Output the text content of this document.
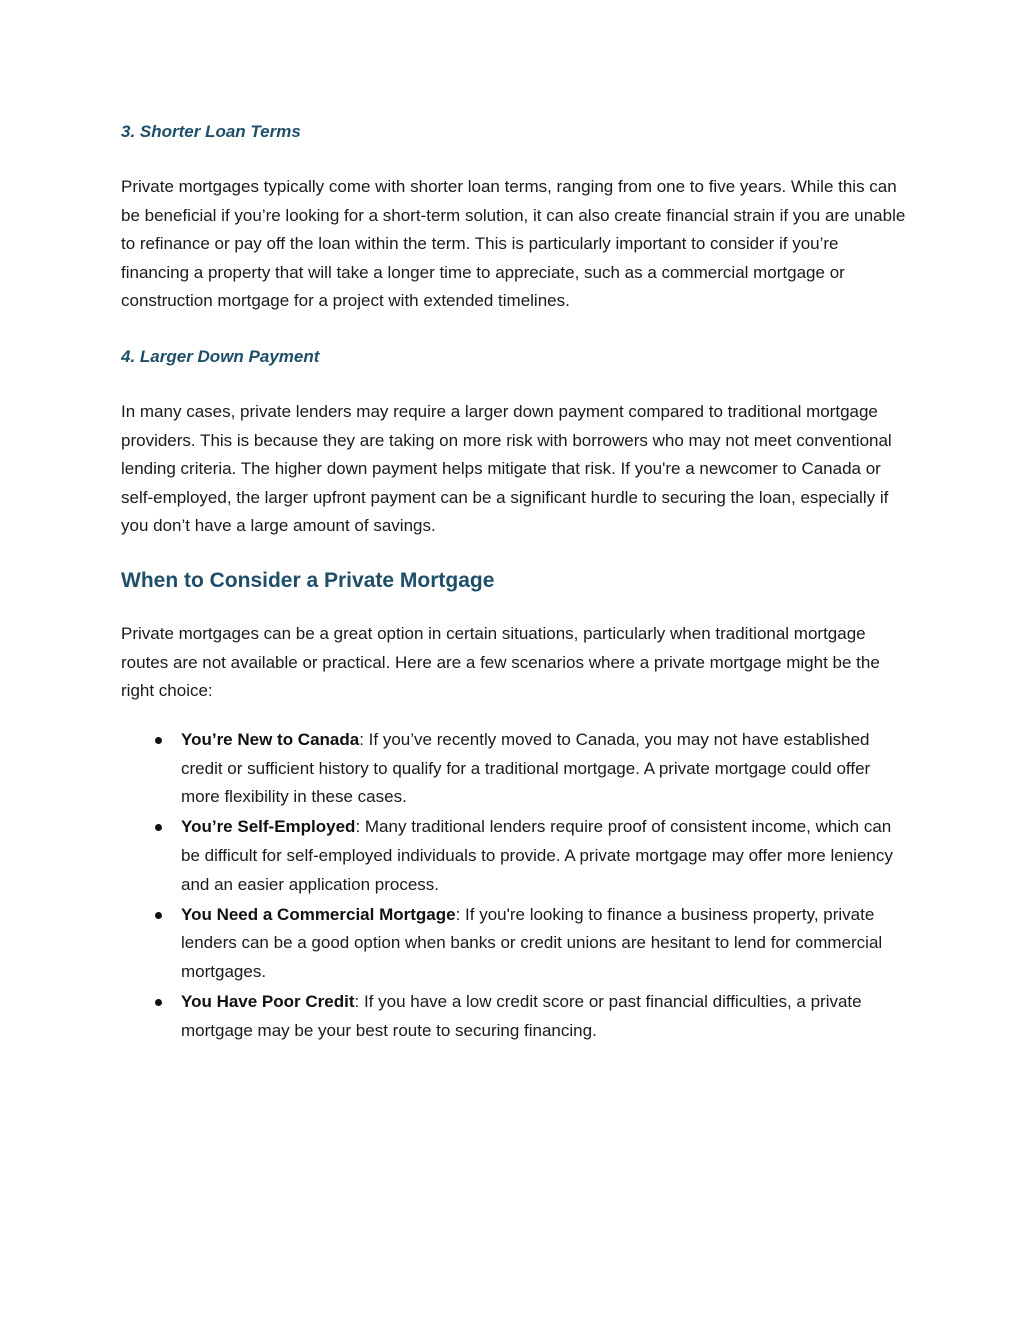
3. Shorter Loan Terms

Private mortgages typically come with shorter loan terms, ranging from one to five years. While this can be beneficial if you’re looking for a short-term solution, it can also create financial strain if you are unable to refinance or pay off the loan within the term. This is particularly important to consider if you’re financing a property that will take a longer time to appreciate, such as a commercial mortgage or construction mortgage for a project with extended timelines.

4. Larger Down Payment

In many cases, private lenders may require a larger down payment compared to traditional mortgage providers. This is because they are taking on more risk with borrowers who may not meet conventional lending criteria. The higher down payment helps mitigate that risk. If you're a newcomer to Canada or self-employed, the larger upfront payment can be a significant hurdle to securing the loan, especially if you don’t have a large amount of savings.

When to Consider a Private Mortgage

Private mortgages can be a great option in certain situations, particularly when traditional mortgage routes are not available or practical. Here are a few scenarios where a private mortgage might be the right choice:

You’re New to Canada: If you’ve recently moved to Canada, you may not have established credit or sufficient history to qualify for a traditional mortgage. A private mortgage could offer more flexibility in these cases.
You’re Self-Employed: Many traditional lenders require proof of consistent income, which can be difficult for self-employed individuals to provide. A private mortgage may offer more leniency and an easier application process.
You Need a Commercial Mortgage: If you're looking to finance a business property, private lenders can be a good option when banks or credit unions are hesitant to lend for commercial mortgages.
You Have Poor Credit: If you have a low credit score or past financial difficulties, a private mortgage may be your best route to securing financing.
